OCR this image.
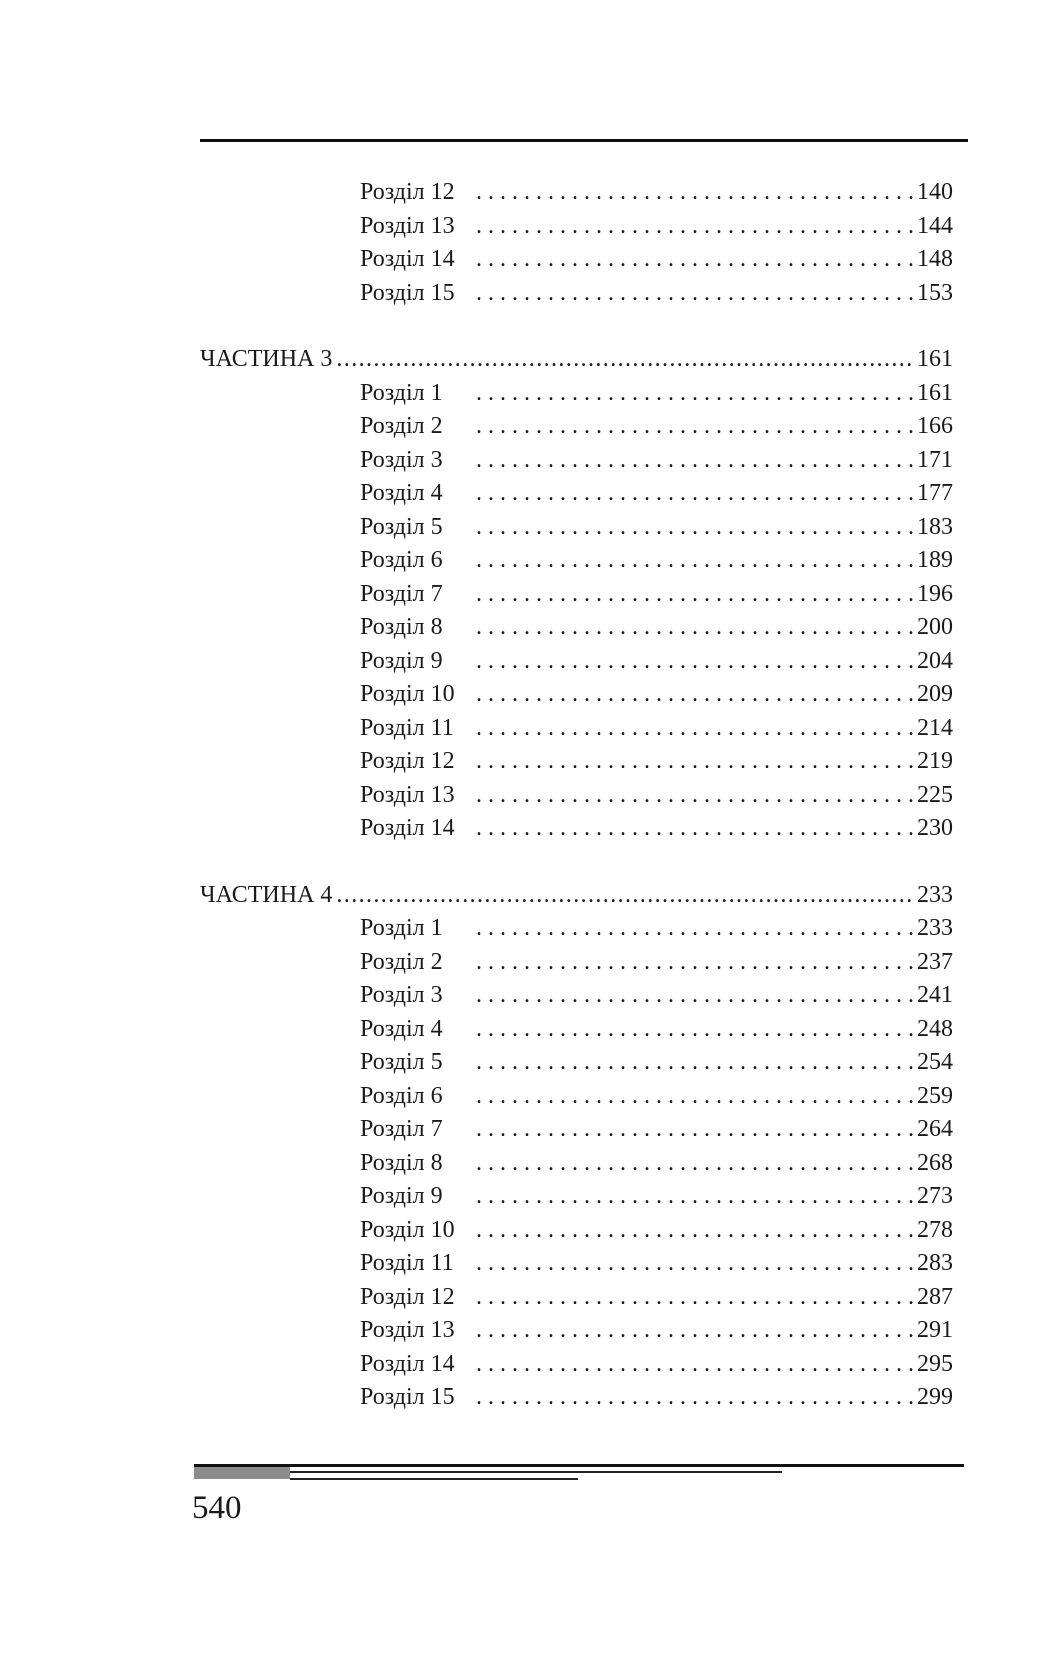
Розділ 12 . . .	140
Розділ 13 . . .	144
Розділ 14 . . .	148
Розділ 15 . . .	153
ЧАСТИНА 3 .....	161
Розділ 1 . . .	161
Розділ 2 . . .	166
Розділ 3 . . .	171
Розділ 4 . . .	177
Розділ 5 . . .	183
Розділ 6 . . .	189
Розділ 7 . . .	196
Розділ 8 . . .	200
Розділ 9 . . .	204
Розділ 10 . . .	209
Розділ 11 . . .	214
Розділ 12 . . .	219
Розділ 13 . . .	225
Розділ 14 . . .	230
ЧАСТИНА 4 .....	233
Розділ 1 . . .	233
Розділ 2 . . .	237
Розділ 3 . . .	241
Розділ 4 . . .	248
Розділ 5 . . .	254
Розділ 6 . . .	259
Розділ 7 . . .	264
Розділ 8 . . .	268
Розділ 9 . . .	273
Розділ 10 . . .	278
Розділ 11 . . .	283
Розділ 12 . . .	287
Розділ 13 . . .	291
Розділ 14 . . .	295
Розділ 15 . . .	299
540
